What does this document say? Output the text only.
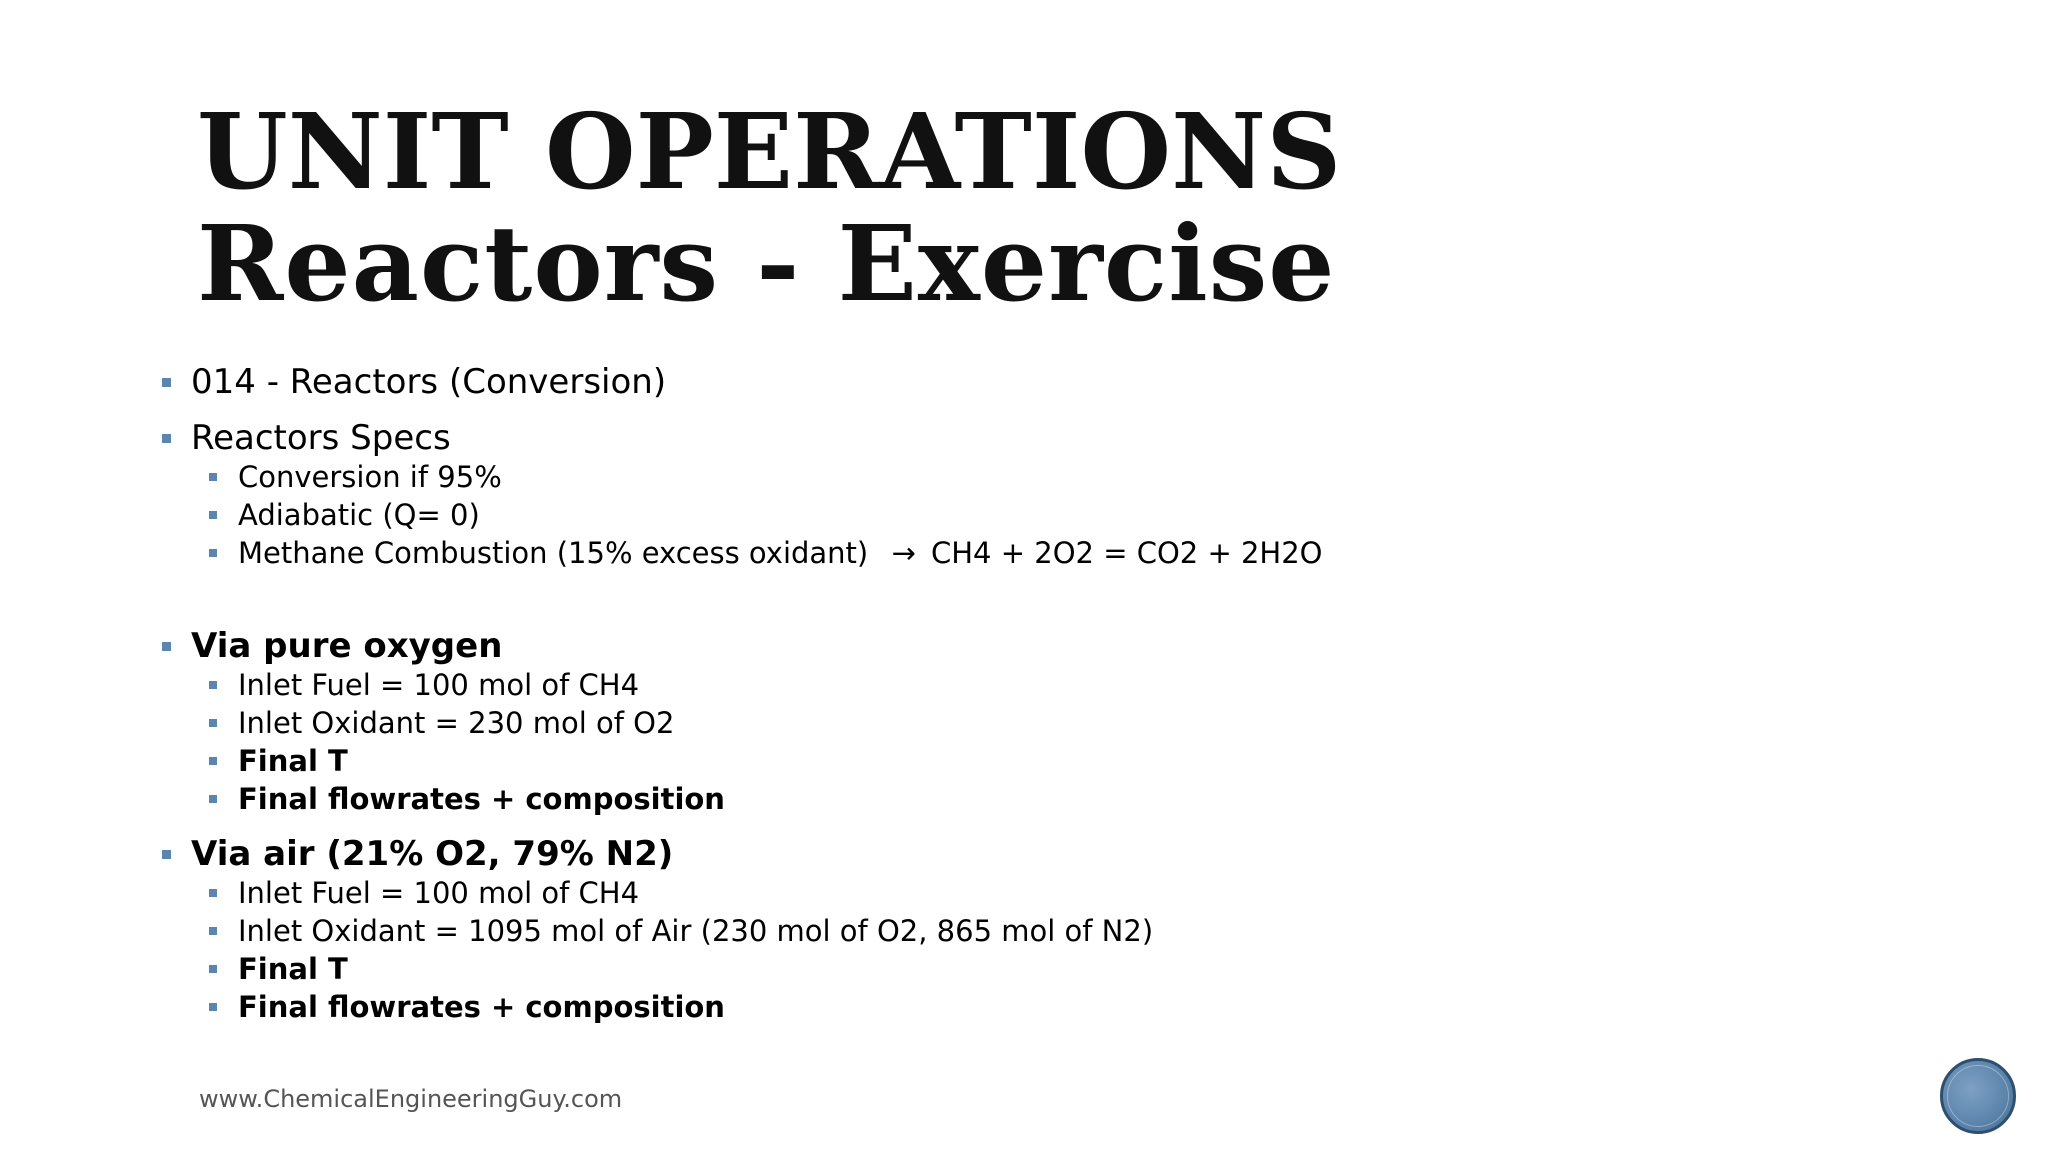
UNIT OPERATIONS
Reactors - Exercise
014 - Reactors (Conversion)
Reactors Specs
Conversion if 95%
Adiabatic (Q= 0)
Methane Combustion (15% excess oxidant) → CH4 + 2O2 = CO2 + 2H2O
Via pure oxygen
Inlet Fuel = 100 mol of CH4
Inlet Oxidant = 230 mol of O2
Final T
Final flowrates + composition
Via air (21% O2, 79% N2)
Inlet Fuel = 100 mol of CH4
Inlet Oxidant = 1095 mol of Air (230 mol of O2, 865 mol of N2)
Final T
Final flowrates + composition
www.ChemicalEngineeringGuy.com
